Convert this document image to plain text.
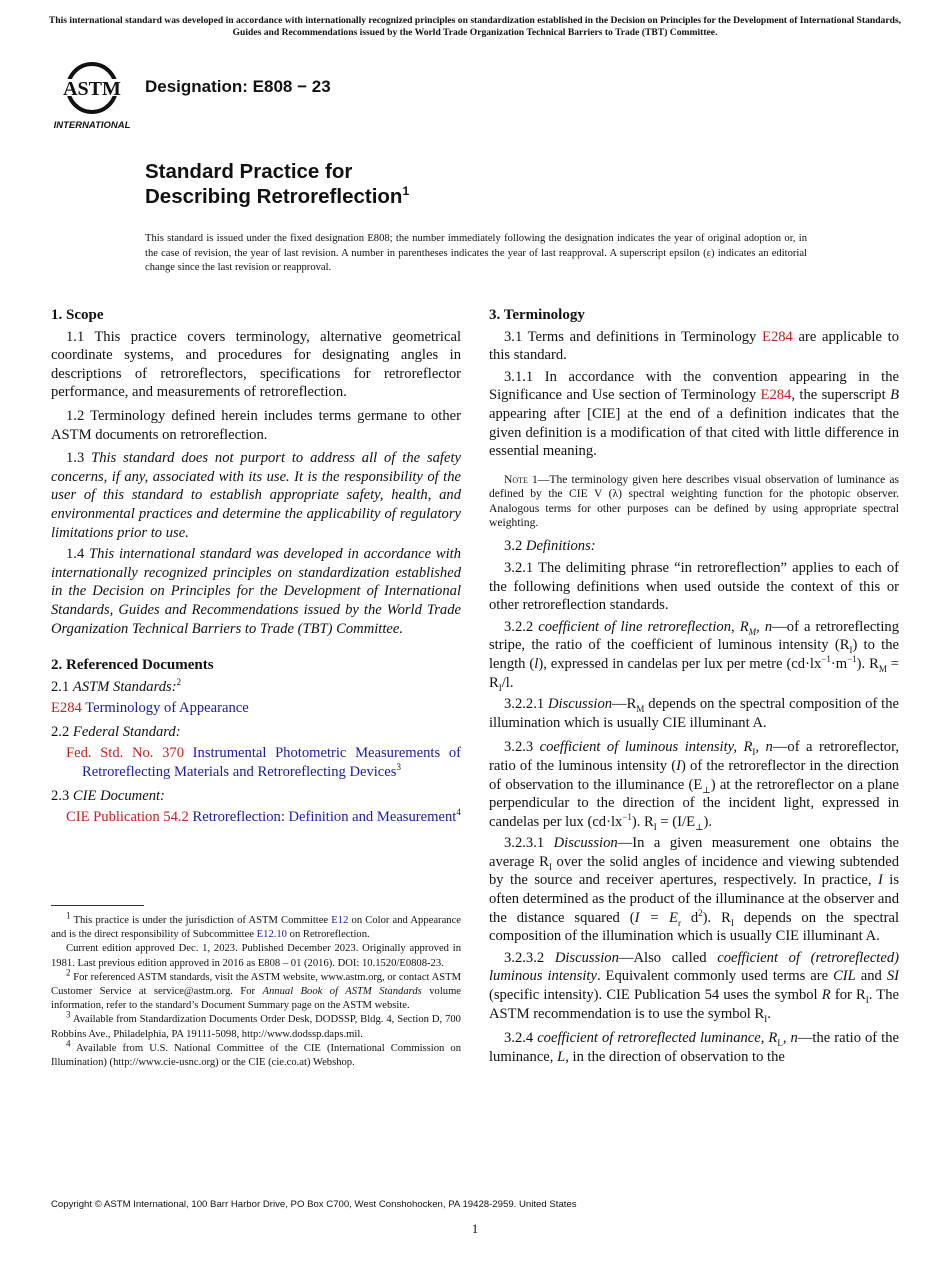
This international standard was developed in accordance with internationally recognized principles on standardization established in the Decision on Principles for the Development of International Standards, Guides and Recommendations issued by the World Trade Organization Technical Barriers to Trade (TBT) Committee.
ASTM
INTERNATIONAL
Designation: E808 − 23
Standard Practice for
Describing Retroreflection$^1$
This standard is issued under the fixed designation E808; the number immediately following the designation indicates the year of original adoption or, in the case of revision, the year of last revision. A number in parentheses indicates the year of last reapproval. A superscript epsilon (ε) indicates an editorial change since the last revision or reapproval.

1. Scope

1.1 This practice covers terminology, alternative geometrical coordinate systems, and procedures for designating angles in descriptions of retroreflectors, specifications for retroreflector performance, and measurements of retroreflection.

1.2 Terminology defined herein includes terms germane to other ASTM documents on retroreflection.

1.3 This standard does not purport to address all of the safety concerns, if any, associated with its use. It is the responsibility of the user of this standard to establish appropriate safety, health, and environmental practices and determine the applicability of regulatory limitations prior to use.

1.4 This international standard was developed in accordance with internationally recognized principles on standardization established in the Decision on Principles for the Development of International Standards, Guides and Recommendations issued by the World Trade Organization Technical Barriers to Trade (TBT) Committee.

2. Referenced Documents

2.1 ASTM Standards:$^2$

E284 Terminology of Appearance

2.2 Federal Standard:

Fed. Std. No. 370 Instrumental Photometric Measurements of Retroreflecting Materials and Retroreflecting Devices$^3$

2.3 CIE Document:

CIE Publication 54.2 Retroreflection: Definition and Measurement$^4$

$^1$ This practice is under the jurisdiction of ASTM Committee E12 on Color and Appearance and is the direct responsibility of Subcommittee E12.10 on Retroreflection.

Current edition approved Dec. 1, 2023. Published December 2023. Originally approved in 1981. Last previous edition approved in 2016 as E808 – 01 (2016). DOI: 10.1520/E0808-23.

$^2$ For referenced ASTM standards, visit the ASTM website, www.astm.org, or contact ASTM Customer Service at service@astm.org. For Annual Book of ASTM Standards volume information, refer to the standard’s Document Summary page on the ASTM website.

$^3$ Available from Standardization Documents Order Desk, DODSSP, Bldg. 4, Section D, 700 Robbins Ave., Philadelphia, PA 19111-5098, http://www.dodssp.daps.mil.

$^4$ Available from U.S. National Committee of the CIE (International Commission on Illumination) (http://www.cie-usnc.org) or the CIE (cie.co.at) Webshop.

3. Terminology

3.1 Terms and definitions in Terminology E284 are applicable to this standard.

3.1.1 In accordance with the convention appearing in the Significance and Use section of Terminology E284, the superscript B appearing after [CIE] at the end of a definition indicates that the given definition is a modification of that cited with little difference in essential meaning.

Note 1—The terminology given here describes visual observation of luminance as defined by the CIE V (λ) spectral weighting function for the photopic observer. Analogous terms for other purposes can be defined by using appropriate spectral weighting.

3.2 Definitions:

3.2.1 The delimiting phrase “in retroreflection” applies to each of the following definitions when used outside the context of this or other retroreflection standards.

3.2.2 coefficient of line retroreflection, $R_M$, n—of a retroreflecting stripe, the ratio of the coefficient of luminous intensity $(R_I)$ to the length (l), expressed in candelas per lux per metre $(cd\cdot lx^{-1}\cdot m^{-1})$. $R_M = R_I/l$.

3.2.2.1 $Discussion—R_M$ depends on the spectral composition of the illumination which is usually CIE illuminant A.

3.2.3 coefficient of luminous intensity, $R_I$, n—of a retroreflector, ratio of the luminous intensity (I) of the retroreflector in the direction of observation to the illuminance $(E_\perp)$ at the retroreflector on a plane perpendicular to the direction of the incident light, expressed in candelas per lux $(cd\cdot lx^{-1})$. $R_I = (I/E_\perp)$.

3.2.3.1 Discussion—In a given measurement one obtains the average $R_I$ over the solid angles of incidence and viewing subtended by the source and receiver apertures, respectively. In practice, I is often determined as the product of the illuminance at the observer and the distance squared ($I = E_r$ $d^2$). $R_I$ depends on the spectral composition of the illumination which is usually CIE illuminant A.

3.2.3.2 Discussion—Also called coefficient of (retroreflected) luminous intensity. Equivalent commonly used terms are CIL and SI (specific intensity). CIE Publication 54 uses the symbol R for $R_I$. The ASTM recommendation is to use the symbol $R_I$.

3.2.4 coefficient of retroreflected luminance, $R_L$, n—the ratio of the luminance, L, in the direction of observation to the

Copyright © ASTM International, 100 Barr Harbor Drive, PO Box C700, West Conshohocken, PA 19428-2959. United States
1
